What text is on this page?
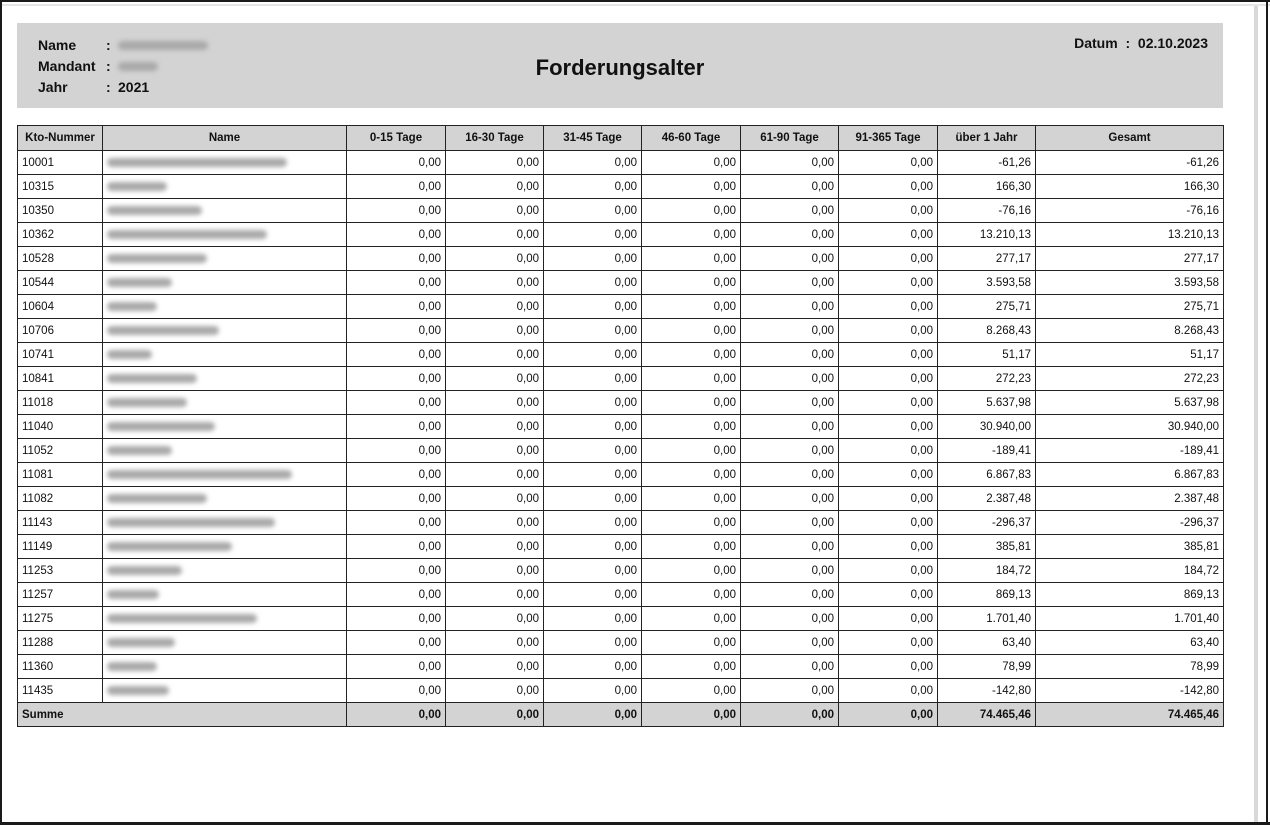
Name	:
Mandant :
Jahr	: 2021
Forderungsalter
Datum  :  02.10.2023
Kto-Nummer	Name	0-15 Tage	16-30 Tage	31-45 Tage	46-60 Tage	61-90 Tage	91-365 Tage	über 1 Jahr	Gesamt
10001		0,00	0,00	0,00	0,00	0,00	0,00	-61,26	-61,26
10315		0,00	0,00	0,00	0,00	0,00	0,00	166,30	166,30
10350		0,00	0,00	0,00	0,00	0,00	0,00	-76,16	-76,16
10362		0,00	0,00	0,00	0,00	0,00	0,00	13.210,13	13.210,13
10528		0,00	0,00	0,00	0,00	0,00	0,00	277,17	277,17
10544		0,00	0,00	0,00	0,00	0,00	0,00	3.593,58	3.593,58
10604		0,00	0,00	0,00	0,00	0,00	0,00	275,71	275,71
10706		0,00	0,00	0,00	0,00	0,00	0,00	8.268,43	8.268,43
10741		0,00	0,00	0,00	0,00	0,00	0,00	51,17	51,17
10841		0,00	0,00	0,00	0,00	0,00	0,00	272,23	272,23
11018		0,00	0,00	0,00	0,00	0,00	0,00	5.637,98	5.637,98
11040		0,00	0,00	0,00	0,00	0,00	0,00	30.940,00	30.940,00
11052		0,00	0,00	0,00	0,00	0,00	0,00	-189,41	-189,41
11081		0,00	0,00	0,00	0,00	0,00	0,00	6.867,83	6.867,83
11082		0,00	0,00	0,00	0,00	0,00	0,00	2.387,48	2.387,48
11143		0,00	0,00	0,00	0,00	0,00	0,00	-296,37	-296,37
11149		0,00	0,00	0,00	0,00	0,00	0,00	385,81	385,81
11253		0,00	0,00	0,00	0,00	0,00	0,00	184,72	184,72
11257		0,00	0,00	0,00	0,00	0,00	0,00	869,13	869,13
11275		0,00	0,00	0,00	0,00	0,00	0,00	1.701,40	1.701,40
11288		0,00	0,00	0,00	0,00	0,00	0,00	63,40	63,40
11360		0,00	0,00	0,00	0,00	0,00	0,00	78,99	78,99
11435		0,00	0,00	0,00	0,00	0,00	0,00	-142,80	-142,80
Summe		0,00	0,00	0,00	0,00	0,00	0,00	74.465,46	74.465,46
